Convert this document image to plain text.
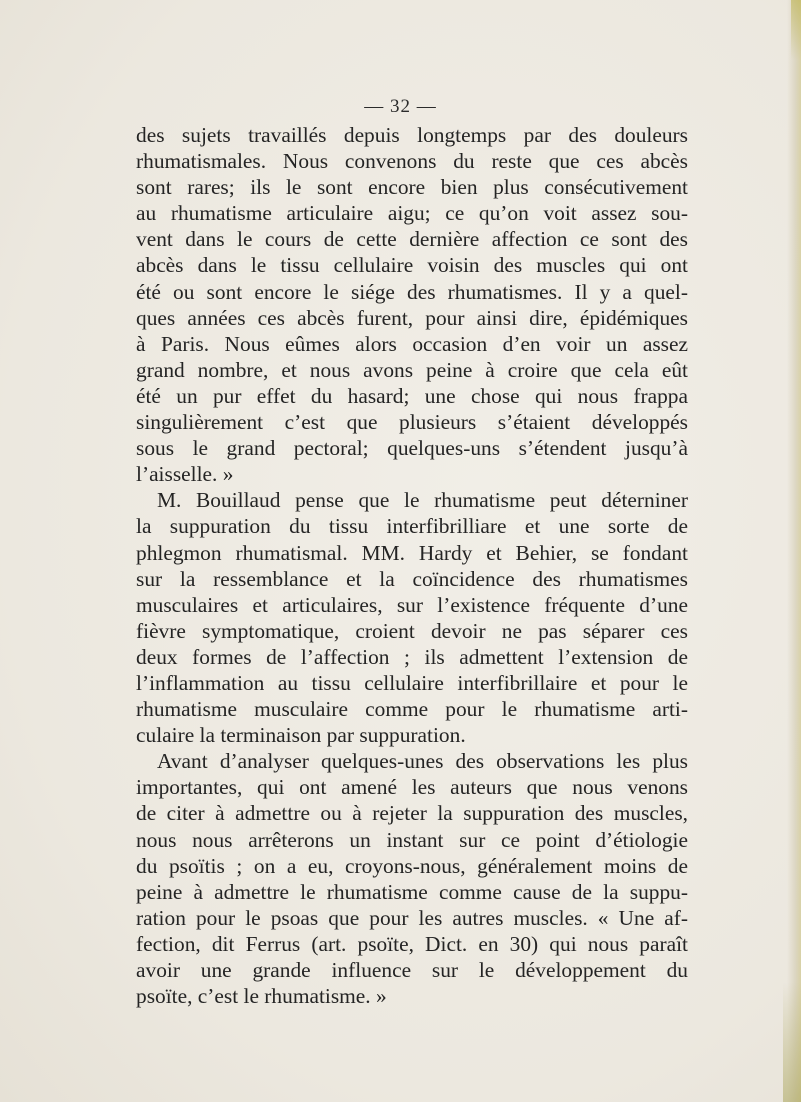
— 32 —
des sujets travaillés depuis longtemps par des douleurs
rhumatismales. Nous convenons du reste que ces abcès
sont rares; ils le sont encore bien plus consécutivement
au rhumatisme articulaire aigu; ce qu’on voit assez sou-
vent dans le cours de cette dernière affection ce sont des
abcès dans le tissu cellulaire voisin des muscles qui ont
été ou sont encore le siége des rhumatismes. Il y a quel-
ques années ces abcès furent, pour ainsi dire, épidémiques
à Paris. Nous eûmes alors occasion d’en voir un assez
grand nombre, et nous avons peine à croire que cela eût
été un pur effet du hasard; une chose qui nous frappa
singulièrement c’est que plusieurs s’étaient développés
sous le grand pectoral; quelques-uns s’étendent jusqu’à
l’aisselle. »
M. Bouillaud pense que le rhumatisme peut déterniner
la suppuration du tissu interfibrilliare et une sorte de
phlegmon rhumatismal. MM. Hardy et Behier, se fondant
sur la ressemblance et la coïncidence des rhumatismes
musculaires et articulaires, sur l’existence fréquente d’une
fièvre symptomatique, croient devoir ne pas séparer ces
deux formes de l’affection ; ils admettent l’extension de
l’inflammation au tissu cellulaire interfibrillaire et pour le
rhumatisme musculaire comme pour le rhumatisme arti-
culaire la terminaison par suppuration.
Avant d’analyser quelques-unes des observations les plus
importantes, qui ont amené les auteurs que nous venons
de citer à admettre ou à rejeter la suppuration des muscles,
nous nous arrêterons un instant sur ce point d’étiologie
du psoïtis ; on a eu, croyons-nous, généralement moins de
peine à admettre le rhumatisme comme cause de la suppu-
ration pour le psoas que pour les autres muscles. « Une af-
fection, dit Ferrus (art. psoïte, Dict. en 30) qui nous paraît
avoir une grande influence sur le développement du
psoïte, c’est le rhumatisme. »
